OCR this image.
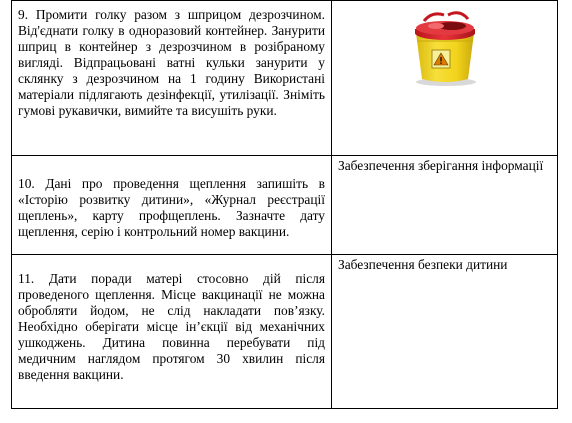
9. Промити голку разом з шприцом дезрозчином. Від'єднати голку в одноразовий контейнер. Занурити шприц в контейнер з дезрозчином в розібраному вигляді. Відпрацьовані ватні кульки занурити у склянку з дезрозчином на 1 годину Використані матеріали підлягають дезінфекції, утилізації. Зніміть гумові рукавички, вимийте та висушіть руки.

10. Дані про проведення щеплення запишіть в «Історію розвитку дитини», «Журнал реєстрації щеплень», карту профщеплень. Зазначте дату щеплення, серію і контрольний номер вакцини.	Забезпечення зберігання інформації

11. Дати поради матері стосовно дій після проведеного щеплення. Місце вакцинації не можна обробляти йодом, не слід накладати пов’язку. Необхідно оберігати місце ін’єкції від механічних ушкоджень. Дитина повинна перебувати під медичним наглядом протягом 30 хвилин після введення вакцини.	Забезпечення безпеки дитини
